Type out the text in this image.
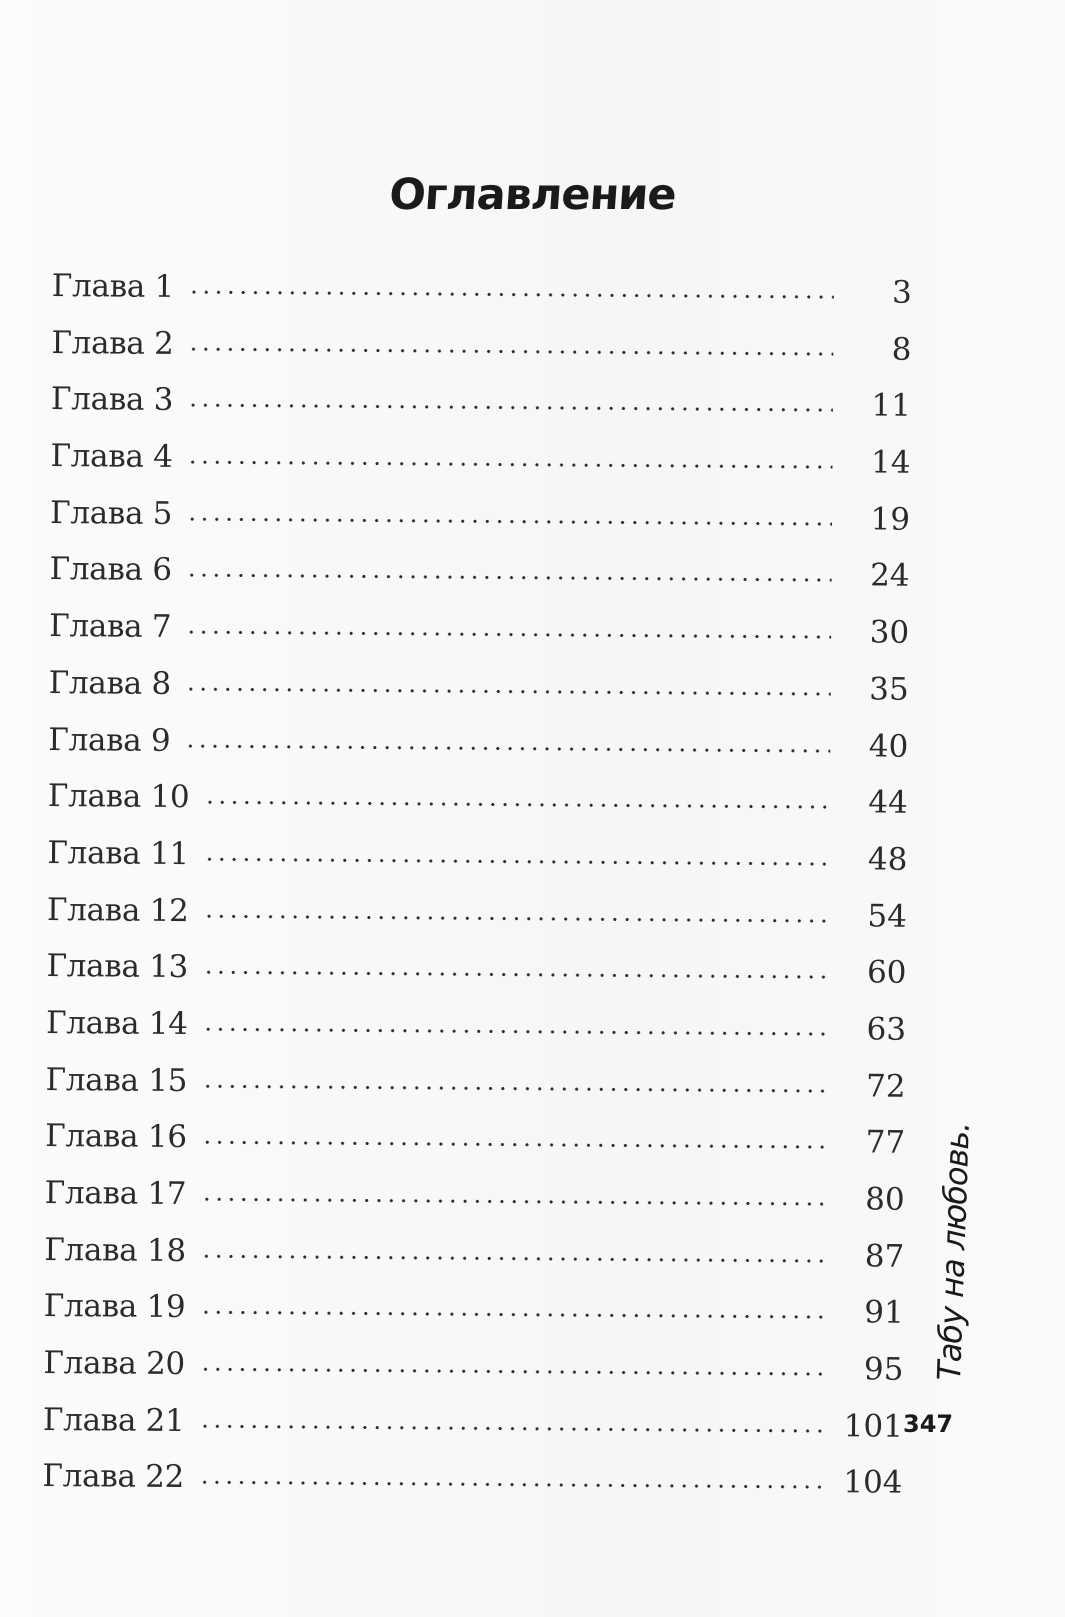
Оглавление
Глава 1	3
Глава 2	8
Глава 3	11
Глава 4	14
Глава 5	19
Глава 6	24
Глава 7	30
Глава 8	35
Глава 9	40
Глава 10	44
Глава 11	48
Глава 12	54
Глава 13	60
Глава 14	63
Глава 15	72
Глава 16	77
Глава 17	80
Глава 18	87
Глава 19	91
Глава 20	95
Глава 21	101
Глава 22	104
Табу на любовь.
347
